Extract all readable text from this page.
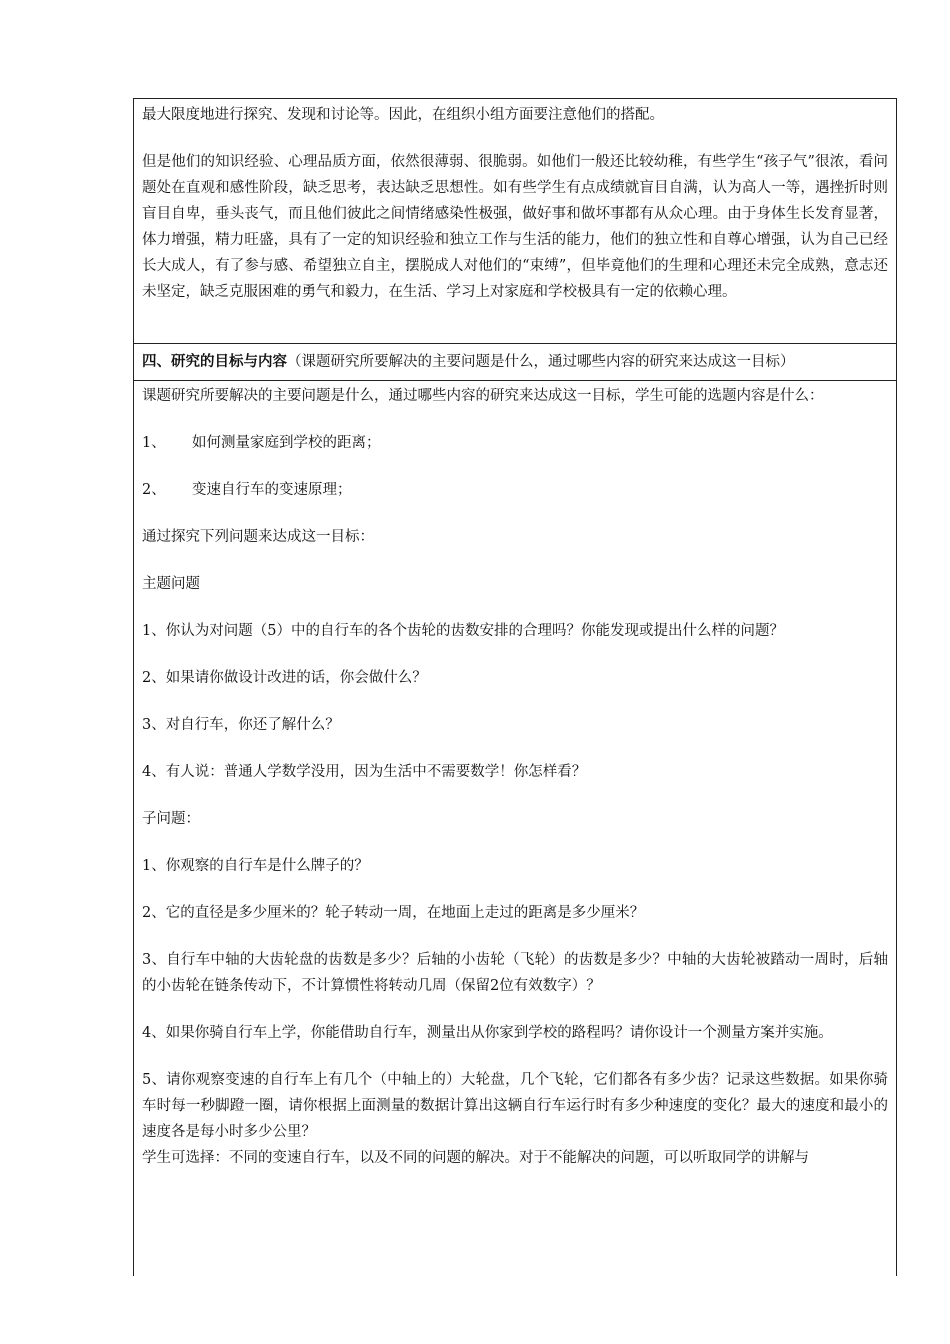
最大限度地进行探究、发现和讨论等。因此，在组织小组方面要注意他们的搭配。

但是他们的知识经验、心理品质方面，依然很薄弱、很脆弱。如他们一般还比较幼稚，有些学生“孩子气”很浓，看问题处在直观和感性阶段，缺乏思考，表达缺乏思想性。如有些学生有点成绩就盲目自满，认为高人一等，遇挫折时则盲目自卑，垂头丧气，而且他们彼此之间情绪感染性极强，做好事和做坏事都有从众心理。由于身体生长发育显著，体力增强，精力旺盛，具有了一定的知识经验和独立工作与生活的能力，他们的独立性和自尊心增强，认为自己已经长大成人，有了参与感、希望独立自主，摆脱成人对他们的“束缚”，但毕竟他们的生理和心理还未完全成熟，意志还未坚定，缺乏克服困难的勇气和毅力，在生活、学习上对家庭和学校极具有一定的依赖心理。

四、研究的目标与内容（课题研究所要解决的主要问题是什么，通过哪些内容的研究来达成这一目标）

课题研究所要解决的主要问题是什么，通过哪些内容的研究来达成这一目标，学生可能的选题内容是什么：

1、	如何测量家庭到学校的距离；
2、	变速自行车的变速原理；

通过探究下列问题来达成这一目标：

主题问题

1、你认为对问题（5）中的自行车的各个齿轮的齿数安排的合理吗？你能发现或提出什么样的问题？

2、如果请你做设计改进的话，你会做什么？

3、对自行车，你还了解什么？

4、有人说：普通人学数学没用，因为生活中不需要数学！你怎样看？

子问题：

1、你观察的自行车是什么牌子的？

2、它的直径是多少厘米的？轮子转动一周，在地面上走过的距离是多少厘米？

3、自行车中轴的大齿轮盘的齿数是多少？后轴的小齿轮（飞轮）的齿数是多少？中轴的大齿轮被踏动一周时，后轴的小齿轮在链条传动下，不计算惯性将转动几周（保留2位有效数字）？

4、如果你骑自行车上学，你能借助自行车，测量出从你家到学校的路程吗？请你设计一个测量方案并实施。

5、请你观察变速的自行车上有几个（中轴上的）大轮盘，几个飞轮，它们都各有多少齿？记录这些数据。如果你骑车时每一秒脚蹬一圈，请你根据上面测量的数据计算出这辆自行车运行时有多少种速度的变化？最大的速度和最小的速度各是每小时多少公里？

学生可选择：不同的变速自行车，以及不同的问题的解决。对于不能解决的问题，可以听取同学的讲解与
